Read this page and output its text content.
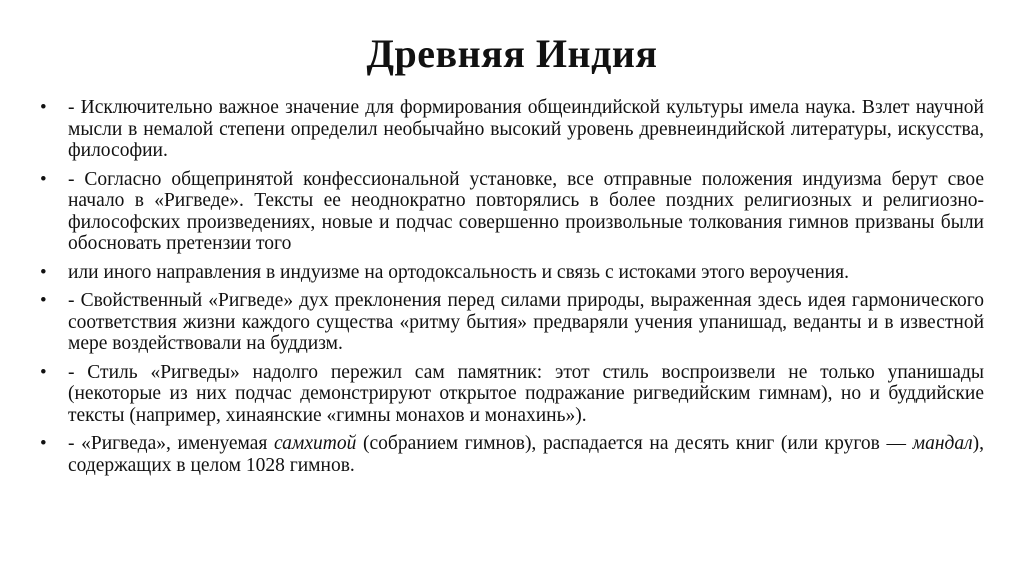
Древняя Индия
•	- Исключительно важное значение для формирования общеиндийской культуры имела наука. Взлет научной мысли в немалой степени определил необычайно высокий уровень древнеиндийской литературы, искусства, философии.
•	- Согласно общепринятой конфессиональной установке, все отправные положения индуизма берут свое начало в «Ригведе». Тексты ее неоднократно повторялись в более поздних религиозных и религиозно-философских произведениях, новые и подчас совершенно произвольные толкования гимнов призваны были обосновать претензии того
•	или иного направления в индуизме на ортодоксальность и связь с истоками этого вероучения.
•	- Свойственный «Ригведе» дух преклонения перед силами природы, выраженная здесь идея гармонического соответствия жизни каждого существа «ритму бытия» предваряли учения упанишад, веданты и в известной мере воздействовали на буддизм.
•	- Стиль «Ригведы» надолго пережил сам памятник: этот стиль воспроизвели не только упанишады (некоторые из них подчас демонстрируют открытое подражание ригведийским гимнам), но и буддийские тексты (например, хинаянские «гимны монахов и монахинь»).
•	- «Ригведа», именуемая самхитой (собранием гимнов), распадается на десять книг (или кругов — мандал), содержащих в целом 1028 гимнов.
